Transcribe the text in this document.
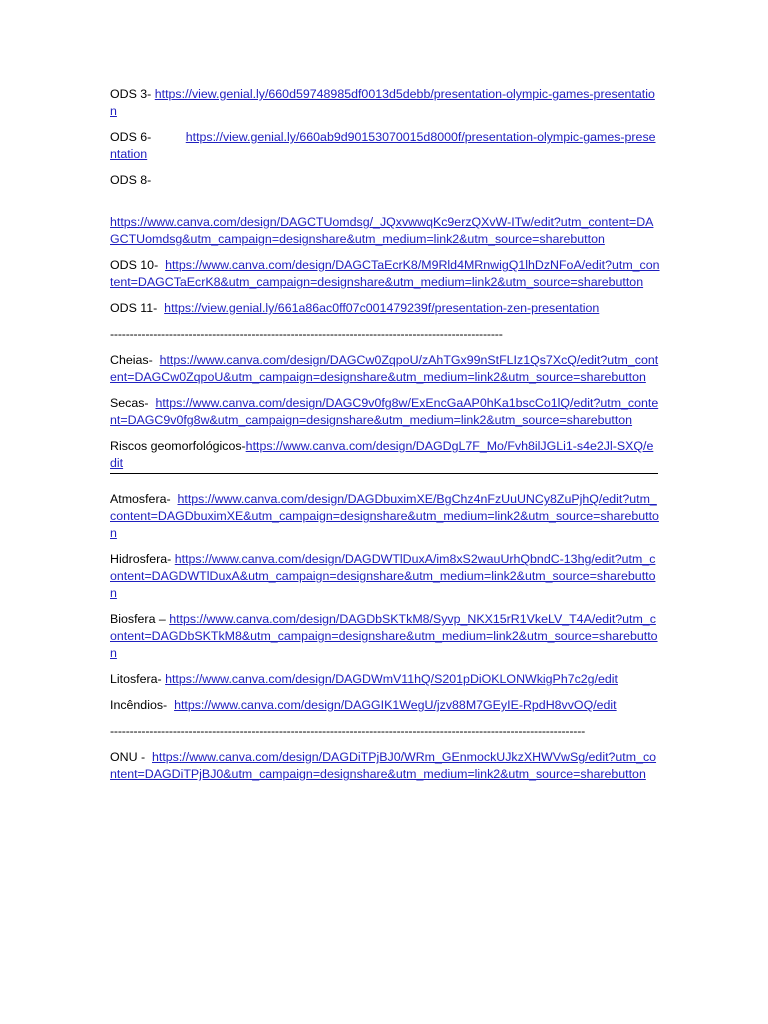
ODS 3- https://view.genial.ly/660d59748985df0013d5debb/presentation-olympic-games-presentation

ODS 6-          https://view.genial.ly/660ab9d90153070015d8000f/presentation-olympic-games-presentation

ODS 8-

https://www.canva.com/design/DAGCTUomdsg/_JQxvwwqKc9erzQXvW-ITw/edit?utm_content=DAGCTUomdsg&utm_campaign=designshare&utm_medium=link2&utm_source=sharebutton

ODS 10-  https://www.canva.com/design/DAGCTaEcrK8/M9Rld4MRnwigQ1lhDzNFoA/edit?utm_content=DAGCTaEcrK8&utm_campaign=designshare&utm_medium=link2&utm_source=sharebutton

ODS 11-  https://view.genial.ly/661a86ac0ff07c001479239f/presentation-zen-presentation

----------------------------------------------------------------------------------------------------

Cheias-  https://www.canva.com/design/DAGCw0ZqpoU/zAhTGx99nStFLIz1Qs7XcQ/edit?utm_content=DAGCw0ZqpoU&utm_campaign=designshare&utm_medium=link2&utm_source=sharebutton

Secas-  https://www.canva.com/design/DAGC9v0fg8w/ExEncGaAP0hKa1bscCo1lQ/edit?utm_content=DAGC9v0fg8w&utm_campaign=designshare&utm_medium=link2&utm_source=sharebutton

Riscos geomorfológicos-https://www.canva.com/design/DAGDgL7F_Mo/Fvh8ilJGLi1-s4e2Jl-SXQ/edit

Atmosfera-  https://www.canva.com/design/DAGDbuximXE/BgChz4nFzUuUNCy8ZuPjhQ/edit?utm_content=DAGDbuximXE&utm_campaign=designshare&utm_medium=link2&utm_source=sharebutton

Hidrosfera- https://www.canva.com/design/DAGDWTlDuxA/im8xS2wauUrhQbndC-13hg/edit?utm_content=DAGDWTlDuxA&utm_campaign=designshare&utm_medium=link2&utm_source=sharebutton

Biosfera – https://www.canva.com/design/DAGDbSKTkM8/Syvp_NKX15rR1VkeLV_T4A/edit?utm_content=DAGDbSKTkM8&utm_campaign=designshare&utm_medium=link2&utm_source=sharebutton

Litosfera- https://www.canva.com/design/DAGDWmV11hQ/S201pDiOKLONWkigPh7c2g/edit

Incêndios-  https://www.canva.com/design/DAGGIK1WegU/jzv88M7GEyIE-RpdH8vvOQ/edit

-------------------------------------------------------------------------------------------------------------------------

ONU -  https://www.canva.com/design/DAGDiTPjBJ0/WRm_GEnmockUJkzXHWVwSg/edit?utm_content=DAGDiTPjBJ0&utm_campaign=designshare&utm_medium=link2&utm_source=sharebutton
